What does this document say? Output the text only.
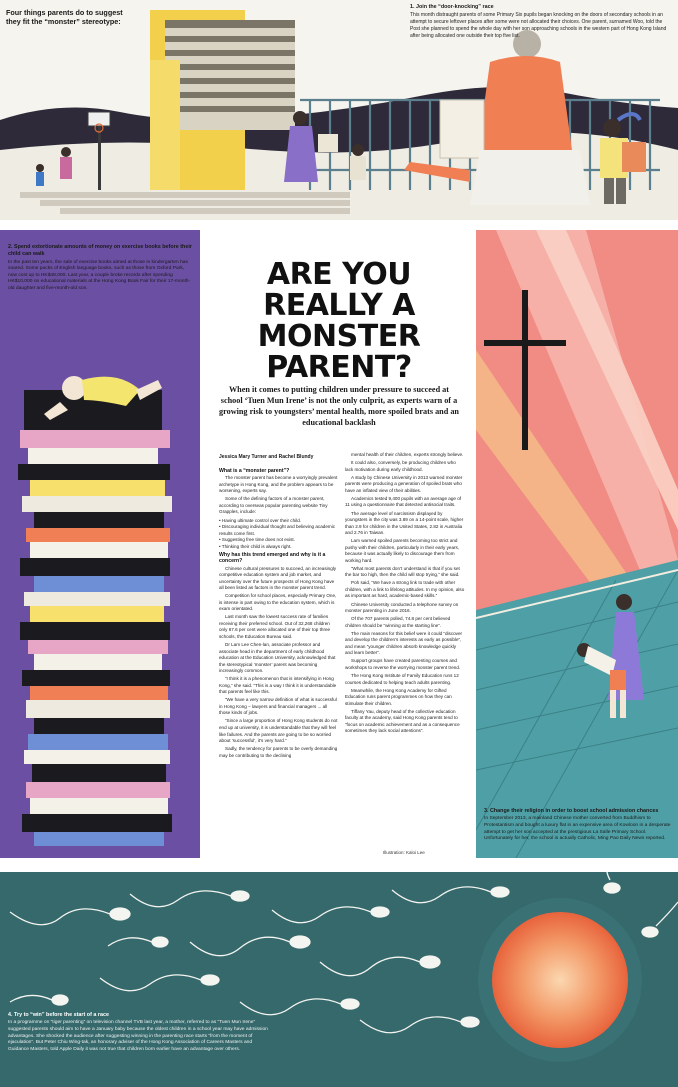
Four things parents do to suggest they fit the “monster” stereotype:
1. Join the “door-knocking” race
This month distraught parents of some Primary Six pupils began knocking on the doors of secondary schools in an attempt to secure leftover places after some were not allocated their choices. One parent, surnamed Woo, told the Post she planned to spend the whole day with her son approaching schools in the western part of Hong Kong Island after being allocated one outside their top five list.
2. Spend extortionate amounts of money on exercise books before their child can walk
In the past ten years, the sale of exercise books aimed at those in kindergarten has soared. Some packs of English language books, such as those from Oxford Park, now cost up to HK$48,000. Last year, a couple broke records after spending HK$10,000 on educational materials at the Hong Kong Book Fair for their 17-month-old daughter and five-month-old son.	ARE YOU REALLY A MONSTER PARENT?
When it comes to putting children under pressure to succeed at school ‘Tuen Mun Irene’ is not the only culprit, as experts warn of a growing risk to youngsters’ mental health, more spoiled brats and an educational backlash
Jessica Mary Turner and Rachel Blundy
What is a “monster parent”?

The monster parent has become a worryingly prevalent archetype in Hong Kong, and the problem appears to be worsening, experts say.

Some of the defining factors of a monster parent, according to overseas popular parenting website Tiny Grapples, include:

• Having ultimate control over their child.
• Discouraging individual thought and believing academic results come first.
• Suggesting free time does not exist.
• Thinking their child is always right.
Why has this trend emerged and why is it a concern?

Chinese cultural pressures to succeed, an increasingly competitive education system and job market, and uncertainty over the future prospects of Hong Kong have all been listed as factors in the monster parent trend.

Competition for school places, especially Primary One, is intense in part owing to the education system, which is exam orientated.

Last month saw the lowest success rate of families receiving their preferred school. Out of 32,268 children only 67.6 per cent were allocated one of their top three schools, the Education Bureau said.

Dr Lam Lee Chen-lan, associate professor and associate head in the department of early childhood education at the Education University, acknowledged that the stereotypical ‘monster’ parent was becoming increasingly common.

“I think it is a phenomenon that is intensifying in Hong Kong,” she said. “This is a way I think it is understandable that parents feel like this.

“We have a very narrow definition of what is successful in Hong Kong – lawyers and financial managers ... all those kinds of jobs.

“Since a large proportion of Hong Kong students do not end up at university, it is understandable that they will feel like failures. And the parents are going to be so worried about ‘successful’, it’s very hard.”

Sadly, the tendency for parents to be overly demanding may be contributing to the declining

mental health of their children, experts strongly believe.

It could also, conversely, be producing children who lack motivation during early childhood.

A study by Chinese University in 2013 warned monster parents were producing a generation of spoiled brats who have an inflated view of their abilities.

Academics tested 9,400 pupils with an average age of 11 using a questionnaire that detected antisocial traits.

The average level of narcissism displayed by youngsters in the city was 3.89 on a 14-point scale, higher than 2.9 for children in the United States, 2.82 in Australia and 2.76 in Taiwan.

Lam warned spoiled parents becoming too strict and pushy with their children, particularly in their early years, because it was actually likely to discourage them from working hard.

“What most parents don’t understand is that if you set the bar too high, then the child will stop trying,” she said.

Poh said, “We have a strong link to trade with other children, with a link to lifelong attitudes. In my opinion, also as important as hard, academic-based skills.”

Chinese University conducted a telephone survey on monster parenting in June 2016.

Of the 707 parents polled, 74.8 per cent believed children should be “winning at the starting line”.

The main reasons for this belief were it could “discover and develop the children’s interests as early as possible”, and mean “younger children absorb knowledge quickly and learn better”.

Support groups have created parenting courses and workshops to reverse the worrying monster parent trend.

The Hong Kong Institute of Family Education runs 12 courses dedicated to helping teach adults parenting.

Meanwhile, the Hong Kong Academy for Gifted Education runs parent programmes on how they can stimulate their children.

Tiffany Yau, deputy head of the collective education faculty at the academy, said Hong Kong parents tend to “focus on academic achievement and as a consequence sometimes they lack social attentions”.

Illustration: Kaloi Lee
3. Change their religion in order to boost school admission chances
In September 2013, a mainland Chinese mother converted from Buddhism to Protestantism and bought a luxury flat in an expensive area of Kowloon in a desperate attempt to get her son accepted at the prestigious La Salle Primary School. Unfortunately for her, the school is actually Catholic, Ming Pao Daily News reported.
4. Try to “win” before the start of a race
In a programme on “tiger parenting” on television channel TVB last year, a mother, referred to as “Tuen Mun Irene” suggested parents should aim to have a January baby because the oldest children in a school year may have admission advantages. She shocked the audience after suggesting winning in the parenting race starts “from the moment of ejaculation”. But Peter Chiu Wing-tak, an honorary adviser of the Hong Kong Association of Careers Masters and Guidance Masters, told Apple Daily it was not true that children born earlier have an advantage over others.
